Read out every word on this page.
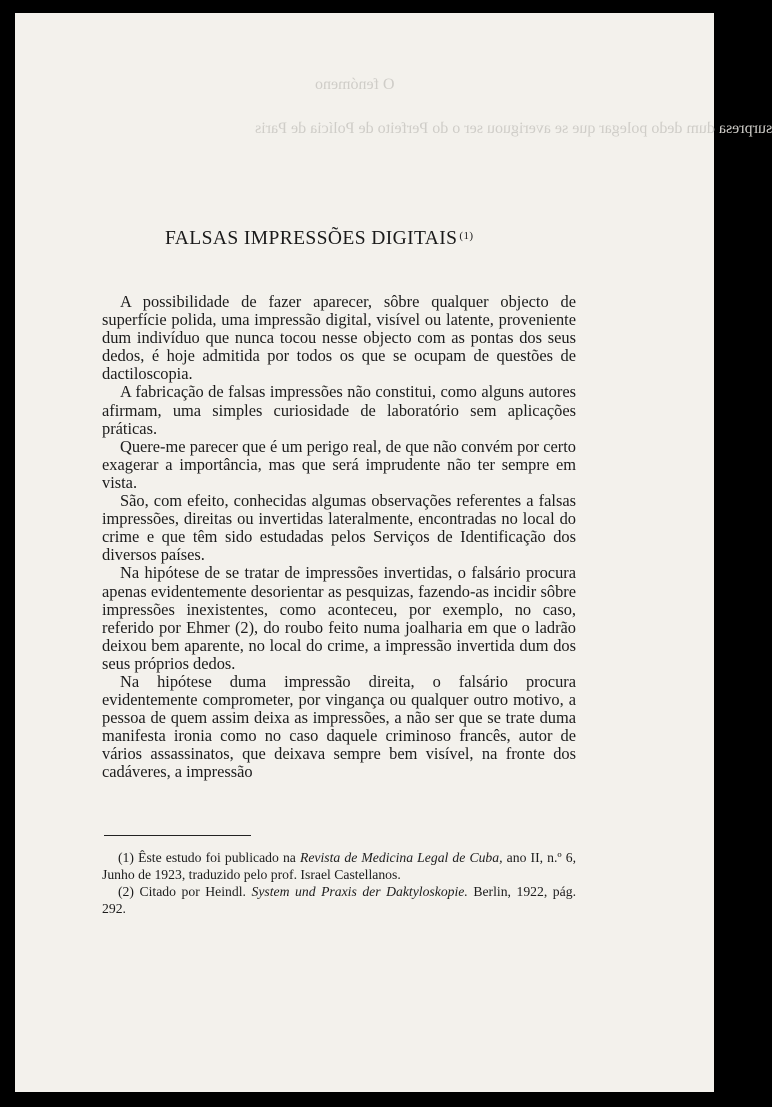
O fenómeno
surpresa dum dedo polegar que se averiguou ser o do Perfeito de Polícia de Paris
FALSAS IMPRESSÕES DIGITAIS $^{(1)}$

A possibilidade de fazer aparecer, sôbre qualquer objecto de superfície polida, uma impressão digital, visível ou latente, proveniente dum indivíduo que nunca tocou nesse objecto com as pontas dos seus dedos, é hoje admitida por todos os que se ocupam de questões de dactiloscopia.

A fabricação de falsas impressões não constitui, como alguns autores afirmam, uma simples curiosidade de laboratório sem aplicações práticas.

Quere-me parecer que é um perigo real, de que não convém por certo exagerar a importância, mas que será imprudente não ter sempre em vista.

São, com efeito, conhecidas algumas observações referentes a falsas impressões, direitas ou invertidas lateralmente, encontradas no local do crime e que têm sido estudadas pelos Serviços de Identificação dos diversos países.

Na hipótese de se tratar de impressões invertidas, o falsário procura apenas evidentemente desorientar as pesquizas, fazendo-as incidir sôbre impressões inexistentes, como aconteceu, por exemplo, no caso, referido por Ehmer (2), do roubo feito numa joalharia em que o ladrão deixou bem aparente, no local do crime, a impressão invertida dum dos seus próprios dedos.

Na hipótese duma impressão direita, o falsário procura evidentemente comprometer, por vingança ou qualquer outro motivo, a pessoa de quem assim deixa as impressões, a não ser que se trate duma manifesta ironia como no caso daquele criminoso francês, autor de vários assassinatos, que deixava sempre bem visível, na fronte dos cadáveres, a impressão

(1) Êste estudo foi publicado na Revista de Medicina Legal de Cuba, ano II, n.º 6, Junho de 1923, traduzido pelo prof. Israel Castellanos.

(2) Citado por Heindl. System und Praxis der Daktyloskopie. Berlin, 1922, pág. 292.
